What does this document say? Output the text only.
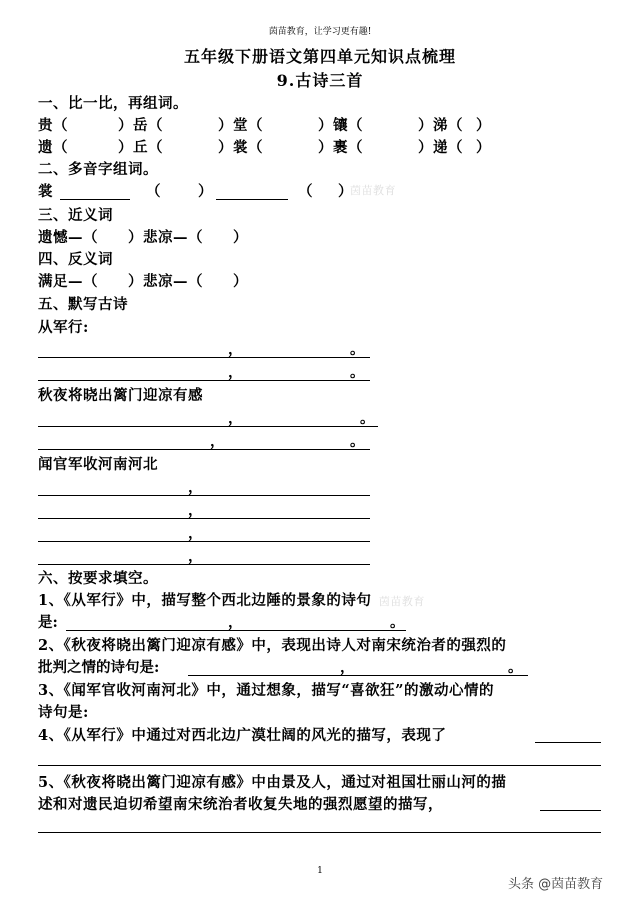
茵苗教育，让学习更有趣!
五年级下册语文第四单元知识点梳理
9.古诗三首
一、比一比，再组词。
贵（	）岳（	）堂（	）镶（	）涕（ ）
遗（	）丘（	）裳（	）裹（	）递（ ）
二、多音字组词。
裳	（	）	（ ）
茵苗教育
三、近义词
遗憾—（　　）悲凉—（　　）
四、反义词
满足—（　　）悲凉—（　　）
五、默写古诗
从军行:
，	。
，	。
秋夜将晓出篱门迎凉有感
，	。
，	。
闻官军收河南河北
，
，
，
，
六、按要求填空。
1、《从军行》中，描写整个西北边陲的景象的诗句 茵苗教育
是:	，	。
2、《秋夜将晓出篱门迎凉有感》中，表现出诗人对南宋统治者的强烈的
批判之情的诗句是:	，	。
3、《闻军官收河南河北》中，通过想象，描写“喜欲狂”的激动心情的
诗句是:
4、《从军行》中通过对西北边广漠壮阔的风光的描写，表现了
5、《秋夜将晓出篱门迎凉有感》中由景及人，通过对祖国壮丽山河的描
述和对遗民迫切希望南宋统治者收复失地的强烈愿望的描写，
1
头条 @茵苗教育
